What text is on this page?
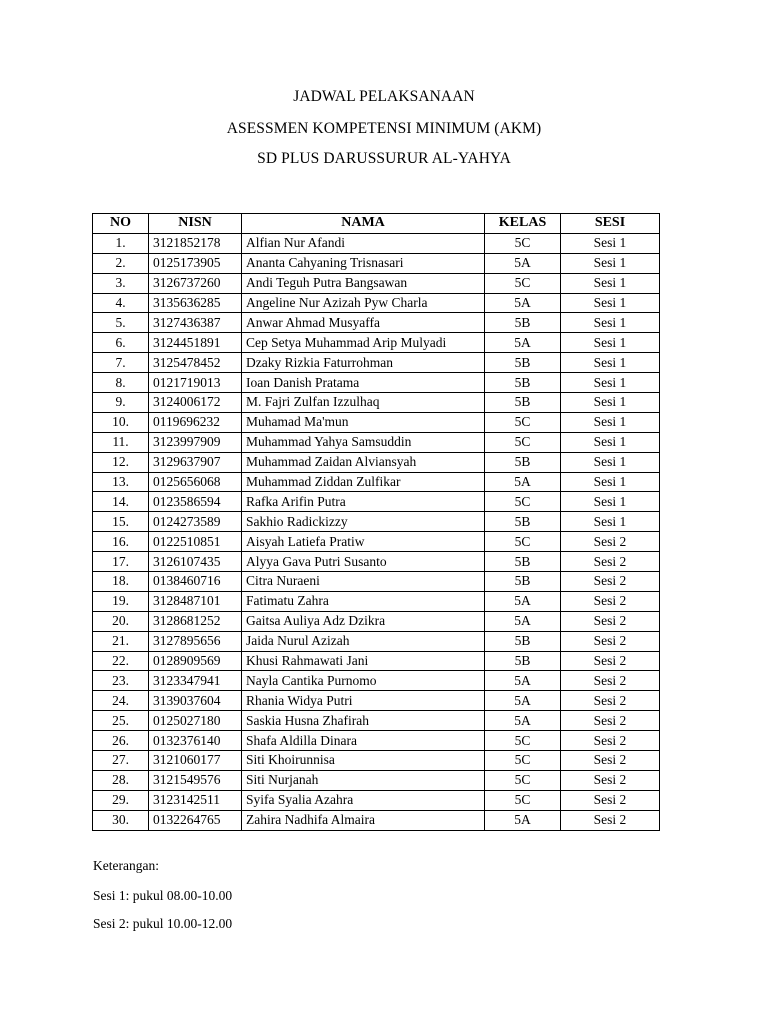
JADWAL PELAKSANAAN
ASESSMEN KOMPETENSI MINIMUM (AKM)
SD PLUS DARUSSURUR AL-YAHYA
NO	NISN	NAMA	KELAS	SESI
1.	3121852178	Alfian Nur Afandi	5C	Sesi 1
2.	0125173905	Ananta Cahyaning Trisnasari	5A	Sesi 1
3.	3126737260	Andi Teguh Putra Bangsawan	5C	Sesi 1
4.	3135636285	Angeline Nur Azizah Pyw Charla	5A	Sesi 1
5.	3127436387	Anwar Ahmad Musyaffa	5B	Sesi 1
6.	3124451891	Cep Setya Muhammad Arip Mulyadi	5A	Sesi 1
7.	3125478452	Dzaky Rizkia Faturrohman	5B	Sesi 1
8.	0121719013	Ioan Danish Pratama	5B	Sesi 1
9.	3124006172	M. Fajri Zulfan Izzulhaq	5B	Sesi 1
10.	0119696232	Muhamad Ma'mun	5C	Sesi 1
11.	3123997909	Muhammad Yahya Samsuddin	5C	Sesi 1
12.	3129637907	Muhammad Zaidan Alviansyah	5B	Sesi 1
13.	0125656068	Muhammad Ziddan Zulfikar	5A	Sesi 1
14.	0123586594	Rafka Arifin Putra	5C	Sesi 1
15.	0124273589	Sakhio Radickizzy	5B	Sesi 1
16.	0122510851	Aisyah Latiefa Pratiw	5C	Sesi 2
17.	3126107435	Alyya Gava Putri Susanto	5B	Sesi 2
18.	0138460716	Citra Nuraeni	5B	Sesi 2
19.	3128487101	Fatimatu Zahra	5A	Sesi 2
20.	3128681252	Gaitsa Auliya Adz Dzikra	5A	Sesi 2
21.	3127895656	Jaida Nurul Azizah	5B	Sesi 2
22.	0128909569	Khusi Rahmawati Jani	5B	Sesi 2
23.	3123347941	Nayla Cantika Purnomo	5A	Sesi 2
24.	3139037604	Rhania Widya Putri	5A	Sesi 2
25.	0125027180	Saskia Husna Zhafirah	5A	Sesi 2
26.	0132376140	Shafa Aldilla Dinara	5C	Sesi 2
27.	3121060177	Siti Khoirunnisa	5C	Sesi 2
28.	3121549576	Siti Nurjanah	5C	Sesi 2
29.	3123142511	Syifa Syalia Azahra	5C	Sesi 2
30.	0132264765	Zahira Nadhifa Almaira	5A	Sesi 2
Keterangan:
Sesi 1: pukul 08.00-10.00
Sesi 2: pukul 10.00-12.00
